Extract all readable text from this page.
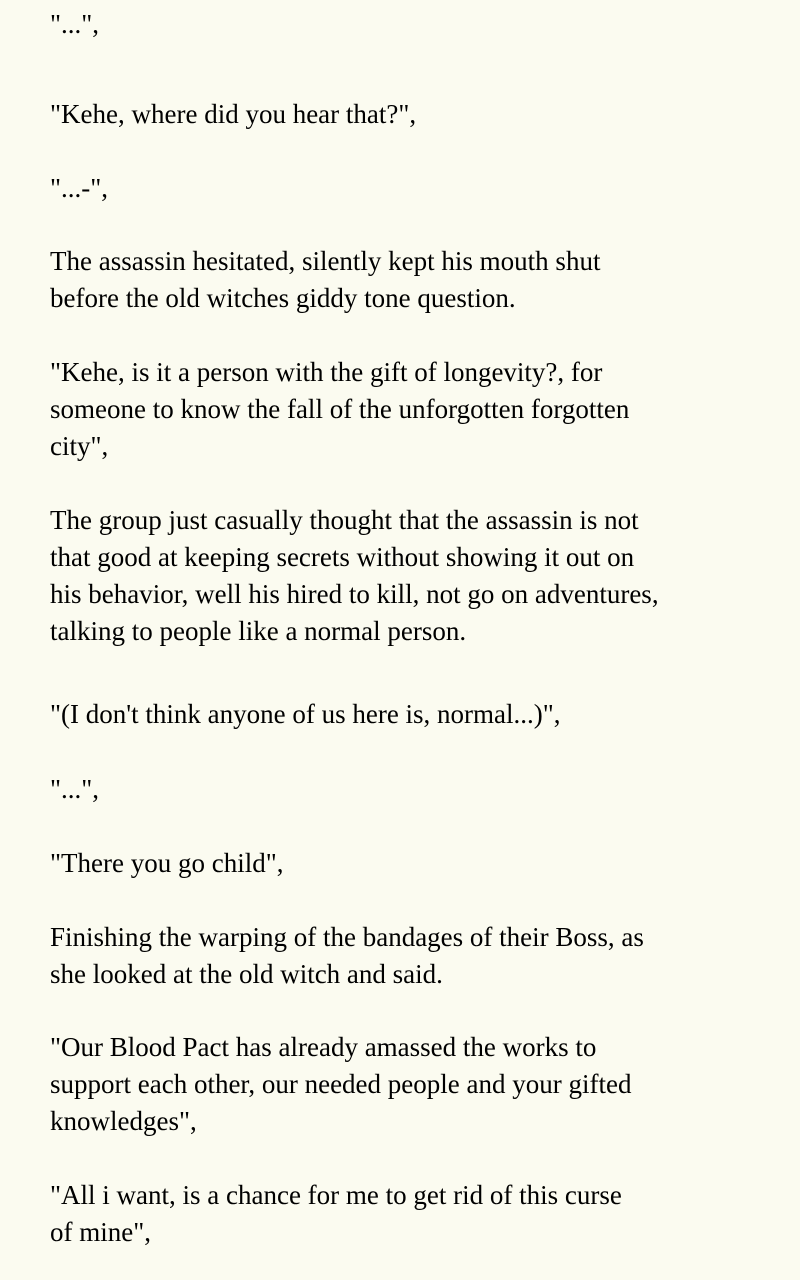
"...",

"Kehe, where did you hear that?",

"...-",

The assassin hesitated, silently kept his mouth shut
before the old witches giddy tone question.

"Kehe, is it a person with the gift of longevity?, for
someone to know the fall of the unforgotten forgotten
city",

The group just casually thought that the assassin is not
that good at keeping secrets without showing it out on
his behavior, well his hired to kill, not go on adventures,
talking to people like a normal person.

"(I don't think anyone of us here is, normal...)",

"...",

"There you go child",

Finishing the warping of the bandages of their Boss, as
she looked at the old witch and said.

"Our Blood Pact has already amassed the works to
support each other, our needed people and your gifted
knowledges",

"All i want, is a chance for me to get rid of this curse
of mine",
